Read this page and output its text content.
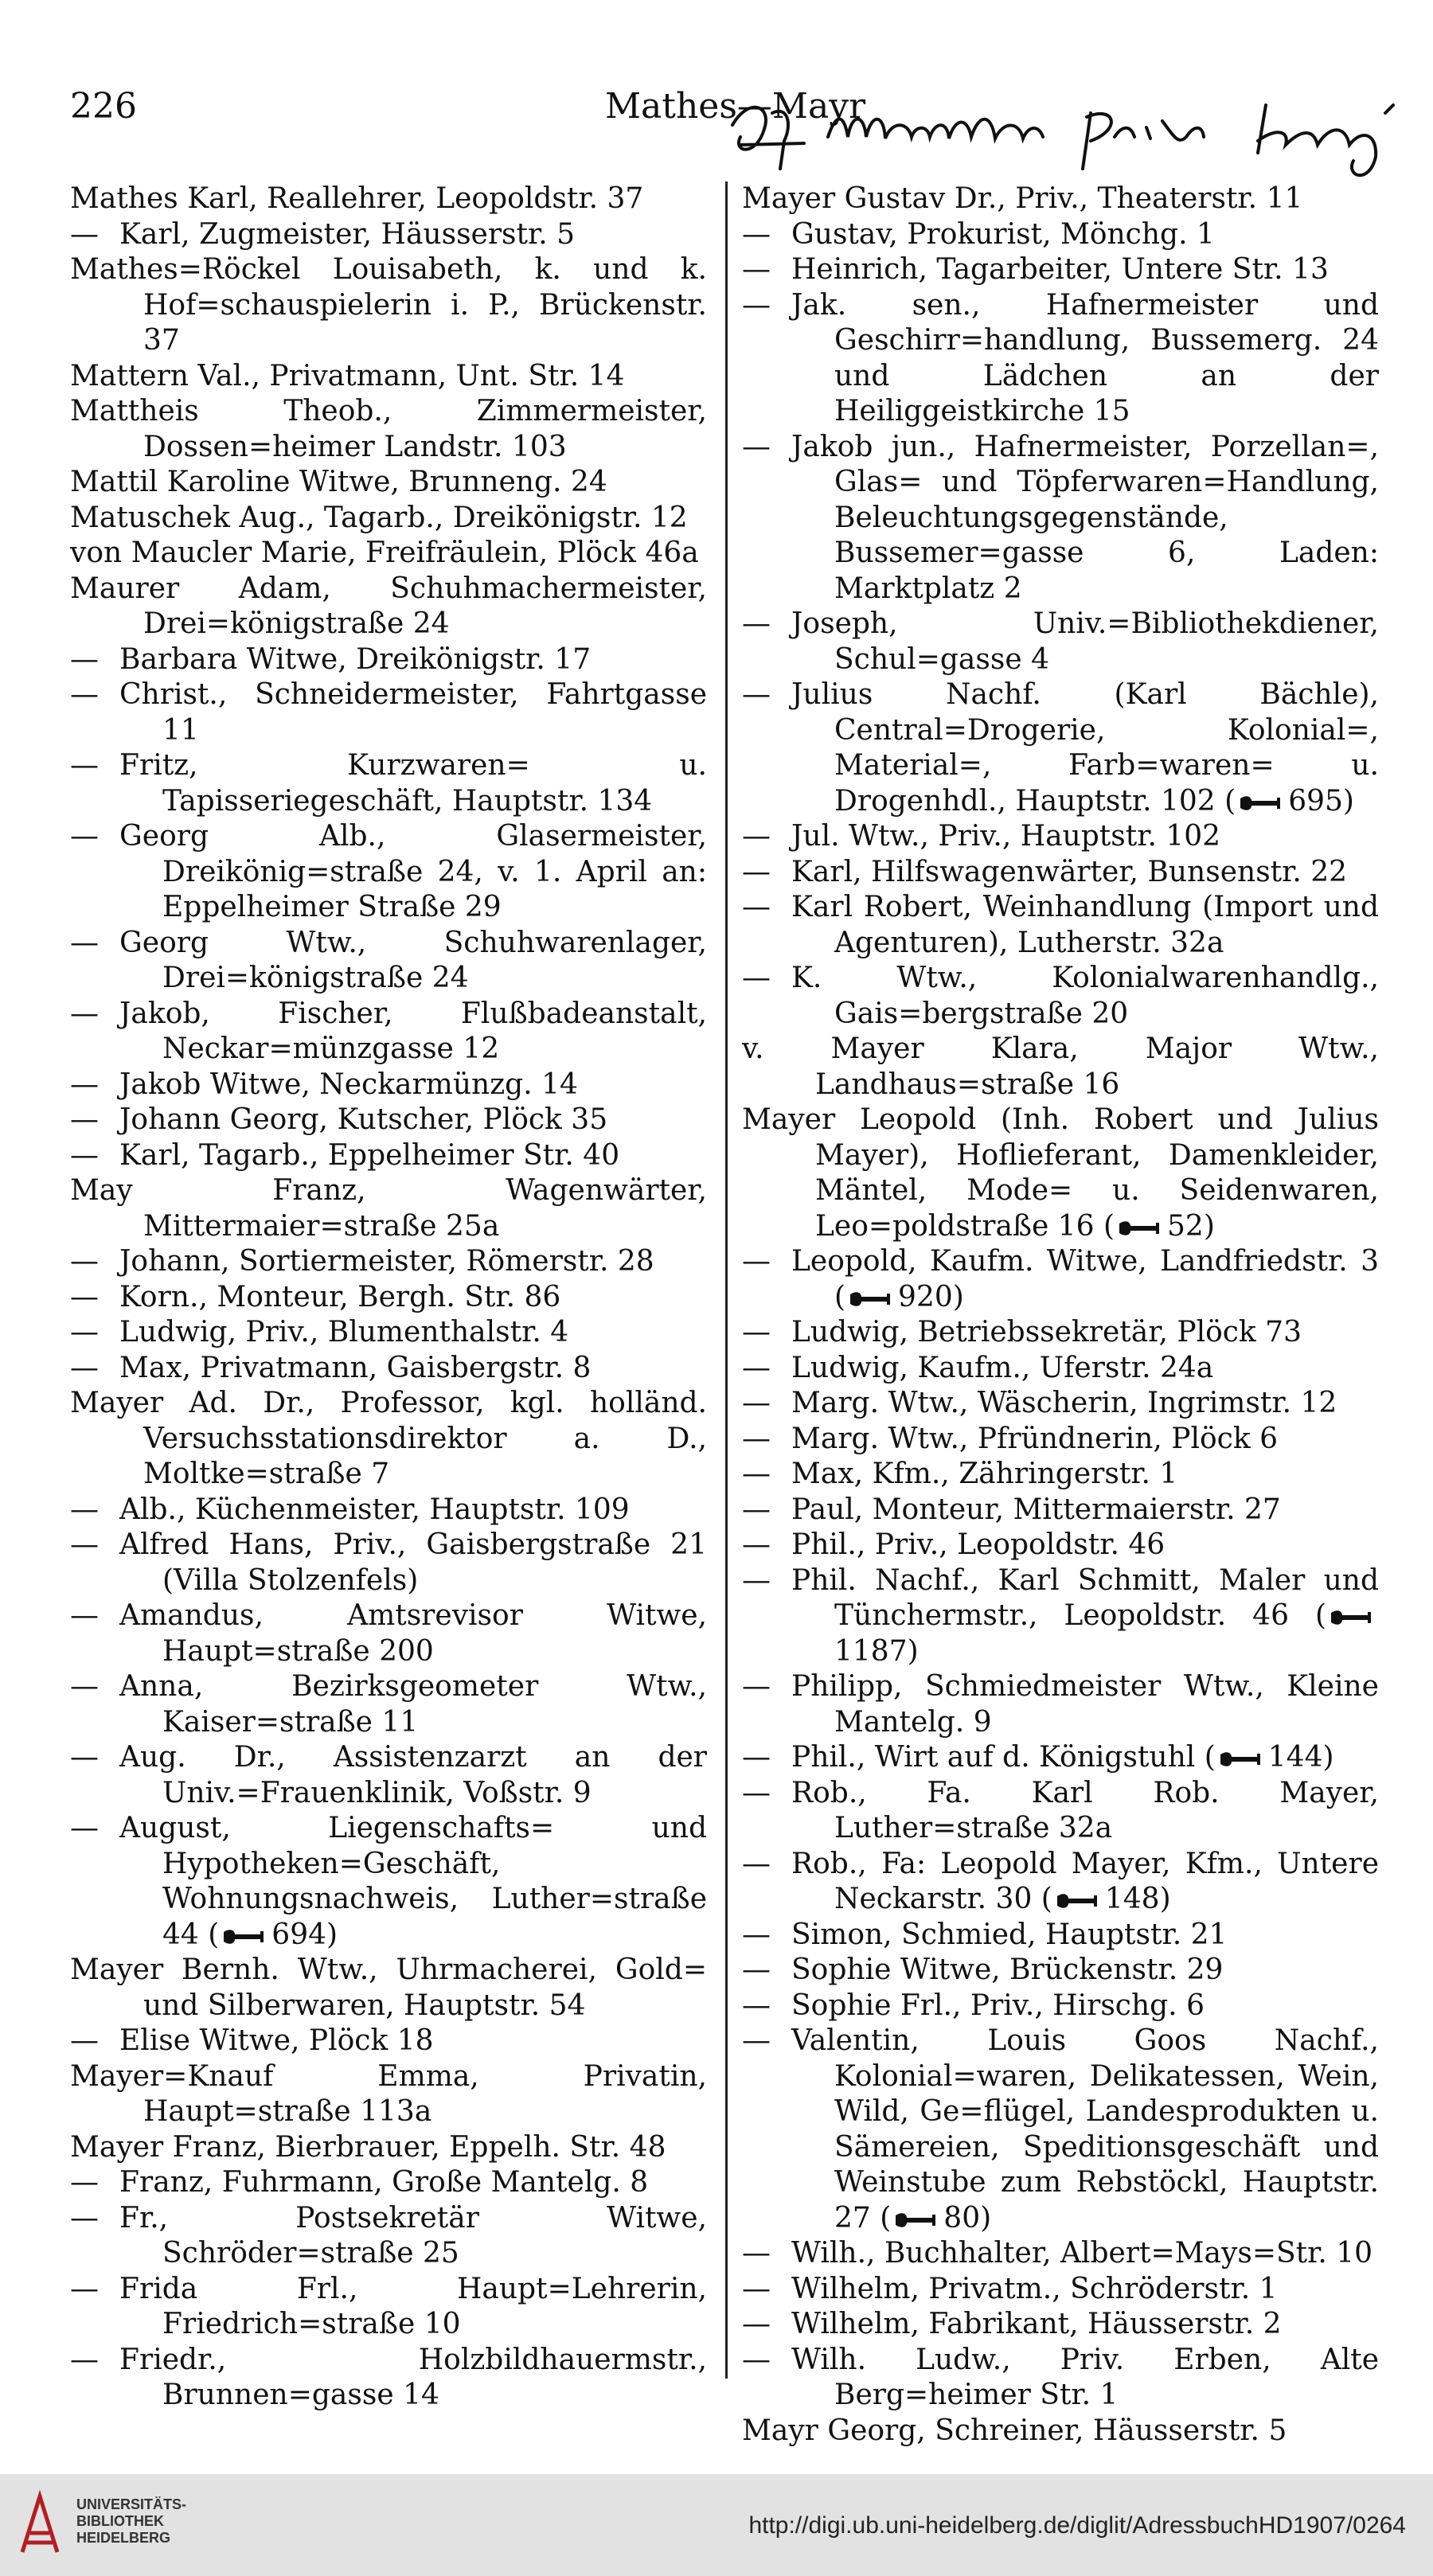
226	Mathes—Mayr

Mathes Karl, Reallehrer, Leopoldstr. 37

— Karl, Zugmeister, Häusserstr. 5

Mathes=Röckel Louisabeth, k. und k. Hof=schauspielerin i. P., Brückenstr. 37

Mattern Val., Privatmann, Unt. Str. 14

Mattheis Theob., Zimmermeister, Dossen=heimer Landstr. 103

Mattil Karoline Witwe, Brunneng. 24

Matuschek Aug., Tagarb., Dreikönigstr. 12

von Maucler Marie, Freifräulein, Plöck 46a

Maurer Adam, Schuhmachermeister, Drei=königstraße 24

— Barbara Witwe, Dreikönigstr. 17

— Christ., Schneidermeister, Fahrtgasse 11

— Fritz, Kurzwaren= u. Tapisseriegeschäft, Hauptstr. 134

— Georg Alb., Glasermeister, Dreikönig=straße 24, v. 1. April an: Eppelheimer Straße 29

— Georg Wtw., Schuhwarenlager, Drei=königstraße 24

— Jakob, Fischer, Flußbadeanstalt, Neckar=münzgasse 12

— Jakob Witwe, Neckarmünzg. 14

— Johann Georg, Kutscher, Plöck 35

— Karl, Tagarb., Eppelheimer Str. 40

May Franz, Wagenwärter, Mittermaier=straße 25a

— Johann, Sortiermeister, Römerstr. 28

— Korn., Monteur, Bergh. Str. 86

— Ludwig, Priv., Blumenthalstr. 4

— Max, Privatmann, Gaisbergstr. 8

Mayer Ad. Dr., Professor, kgl. holländ. Versuchsstationsdirektor a. D., Moltke=straße 7

— Alb., Küchenmeister, Hauptstr. 109

— Alfred Hans, Priv., Gaisbergstraße 21 (Villa Stolzenfels)

— Amandus, Amtsrevisor Witwe, Haupt=straße 200

— Anna, Bezirksgeometer Wtw., Kaiser=straße 11

— Aug. Dr., Assistenzarzt an der Univ.=Frauenklinik, Voßstr. 9

— August, Liegenschafts= und Hypotheken=Geschäft, Wohnungsnachweis, Luther=straße 44 ( 694)

Mayer Bernh. Wtw., Uhrmacherei, Gold= und Silberwaren, Hauptstr. 54

— Elise Witwe, Plöck 18

Mayer=Knauf Emma, Privatin, Haupt=straße 113a

Mayer Franz, Bierbrauer, Eppelh. Str. 48

— Franz, Fuhrmann, Große Mantelg. 8

— Fr., Postsekretär Witwe, Schröder=straße 25

— Frida Frl., Haupt=Lehrerin, Friedrich=straße 10

— Friedr., Holzbildhauermstr., Brunnen=gasse 14

Mayer Gustav Dr., Priv., Theaterstr. 11

— Gustav, Prokurist, Mönchg. 1

— Heinrich, Tagarbeiter, Untere Str. 13

— Jak. sen., Hafnermeister und Geschirr=handlung, Bussemerg. 24 und Lädchen an der Heiliggeistkirche 15

— Jakob jun., Hafnermeister, Porzellan=, Glas= und Töpferwaren=Handlung, Beleuchtungsgegenstände, Bussemer=gasse 6, Laden: Marktplatz 2

— Joseph, Univ.=Bibliothekdiener, Schul=gasse 4

— Julius Nachf. (Karl Bächle), Central=Drogerie, Kolonial=, Material=, Farb=waren= u. Drogenhdl., Hauptstr. 102 ( 695)

— Jul. Wtw., Priv., Hauptstr. 102

— Karl, Hilfswagenwärter, Bunsenstr. 22

— Karl Robert, Weinhandlung (Import und Agenturen), Lutherstr. 32a

— K. Wtw., Kolonialwarenhandlg., Gais=bergstraße 20

v. Mayer Klara, Major Wtw., Landhaus=straße 16

Mayer Leopold (Inh. Robert und Julius Mayer), Hoflieferant, Damenkleider, Mäntel, Mode= u. Seidenwaren, Leo=poldstraße 16 ( 52)

— Leopold, Kaufm. Witwe, Landfriedstr. 3 ( 920)

— Ludwig, Betriebssekretär, Plöck 73

— Ludwig, Kaufm., Uferstr. 24a

— Marg. Wtw., Wäscherin, Ingrimstr. 12

— Marg. Wtw., Pfründnerin, Plöck 6

— Max, Kfm., Zähringerstr. 1

— Paul, Monteur, Mittermaierstr. 27

— Phil., Priv., Leopoldstr. 46

— Phil. Nachf., Karl Schmitt, Maler und Tünchermstr., Leopoldstr. 46 (1187)

— Philipp, Schmiedmeister Wtw., Kleine Mantelg. 9

— Phil., Wirt auf d. Königstuhl ( 144)

— Rob., Fa. Karl Rob. Mayer, Luther=straße 32a

— Rob., Fa: Leopold Mayer, Kfm., Untere Neckarstr. 30 ( 148)

— Simon, Schmied, Hauptstr. 21

— Sophie Witwe, Brückenstr. 29

— Sophie Frl., Priv., Hirschg. 6

— Valentin, Louis Goos Nachf., Kolonial=waren, Delikatessen, Wein, Wild, Ge=flügel, Landesprodukten u. Sämereien, Speditionsgeschäft und Weinstube zum Rebstöckl, Hauptstr. 27 ( 80)

— Wilh., Buchhalter, Albert=Mays=Str. 10

— Wilhelm, Privatm., Schröderstr. 1

— Wilhelm, Fabrikant, Häusserstr. 2

— Wilh. Ludw., Priv. Erben, Alte Berg=heimer Str. 1

Mayr Georg, Schreiner, Häusserstr. 5

UNIVERSITÄTS-
BIBLIOTHEK
HEIDELBERG	http://digi.ub.uni-heidelberg.de/diglit/AdressbuchHD1907/0264
